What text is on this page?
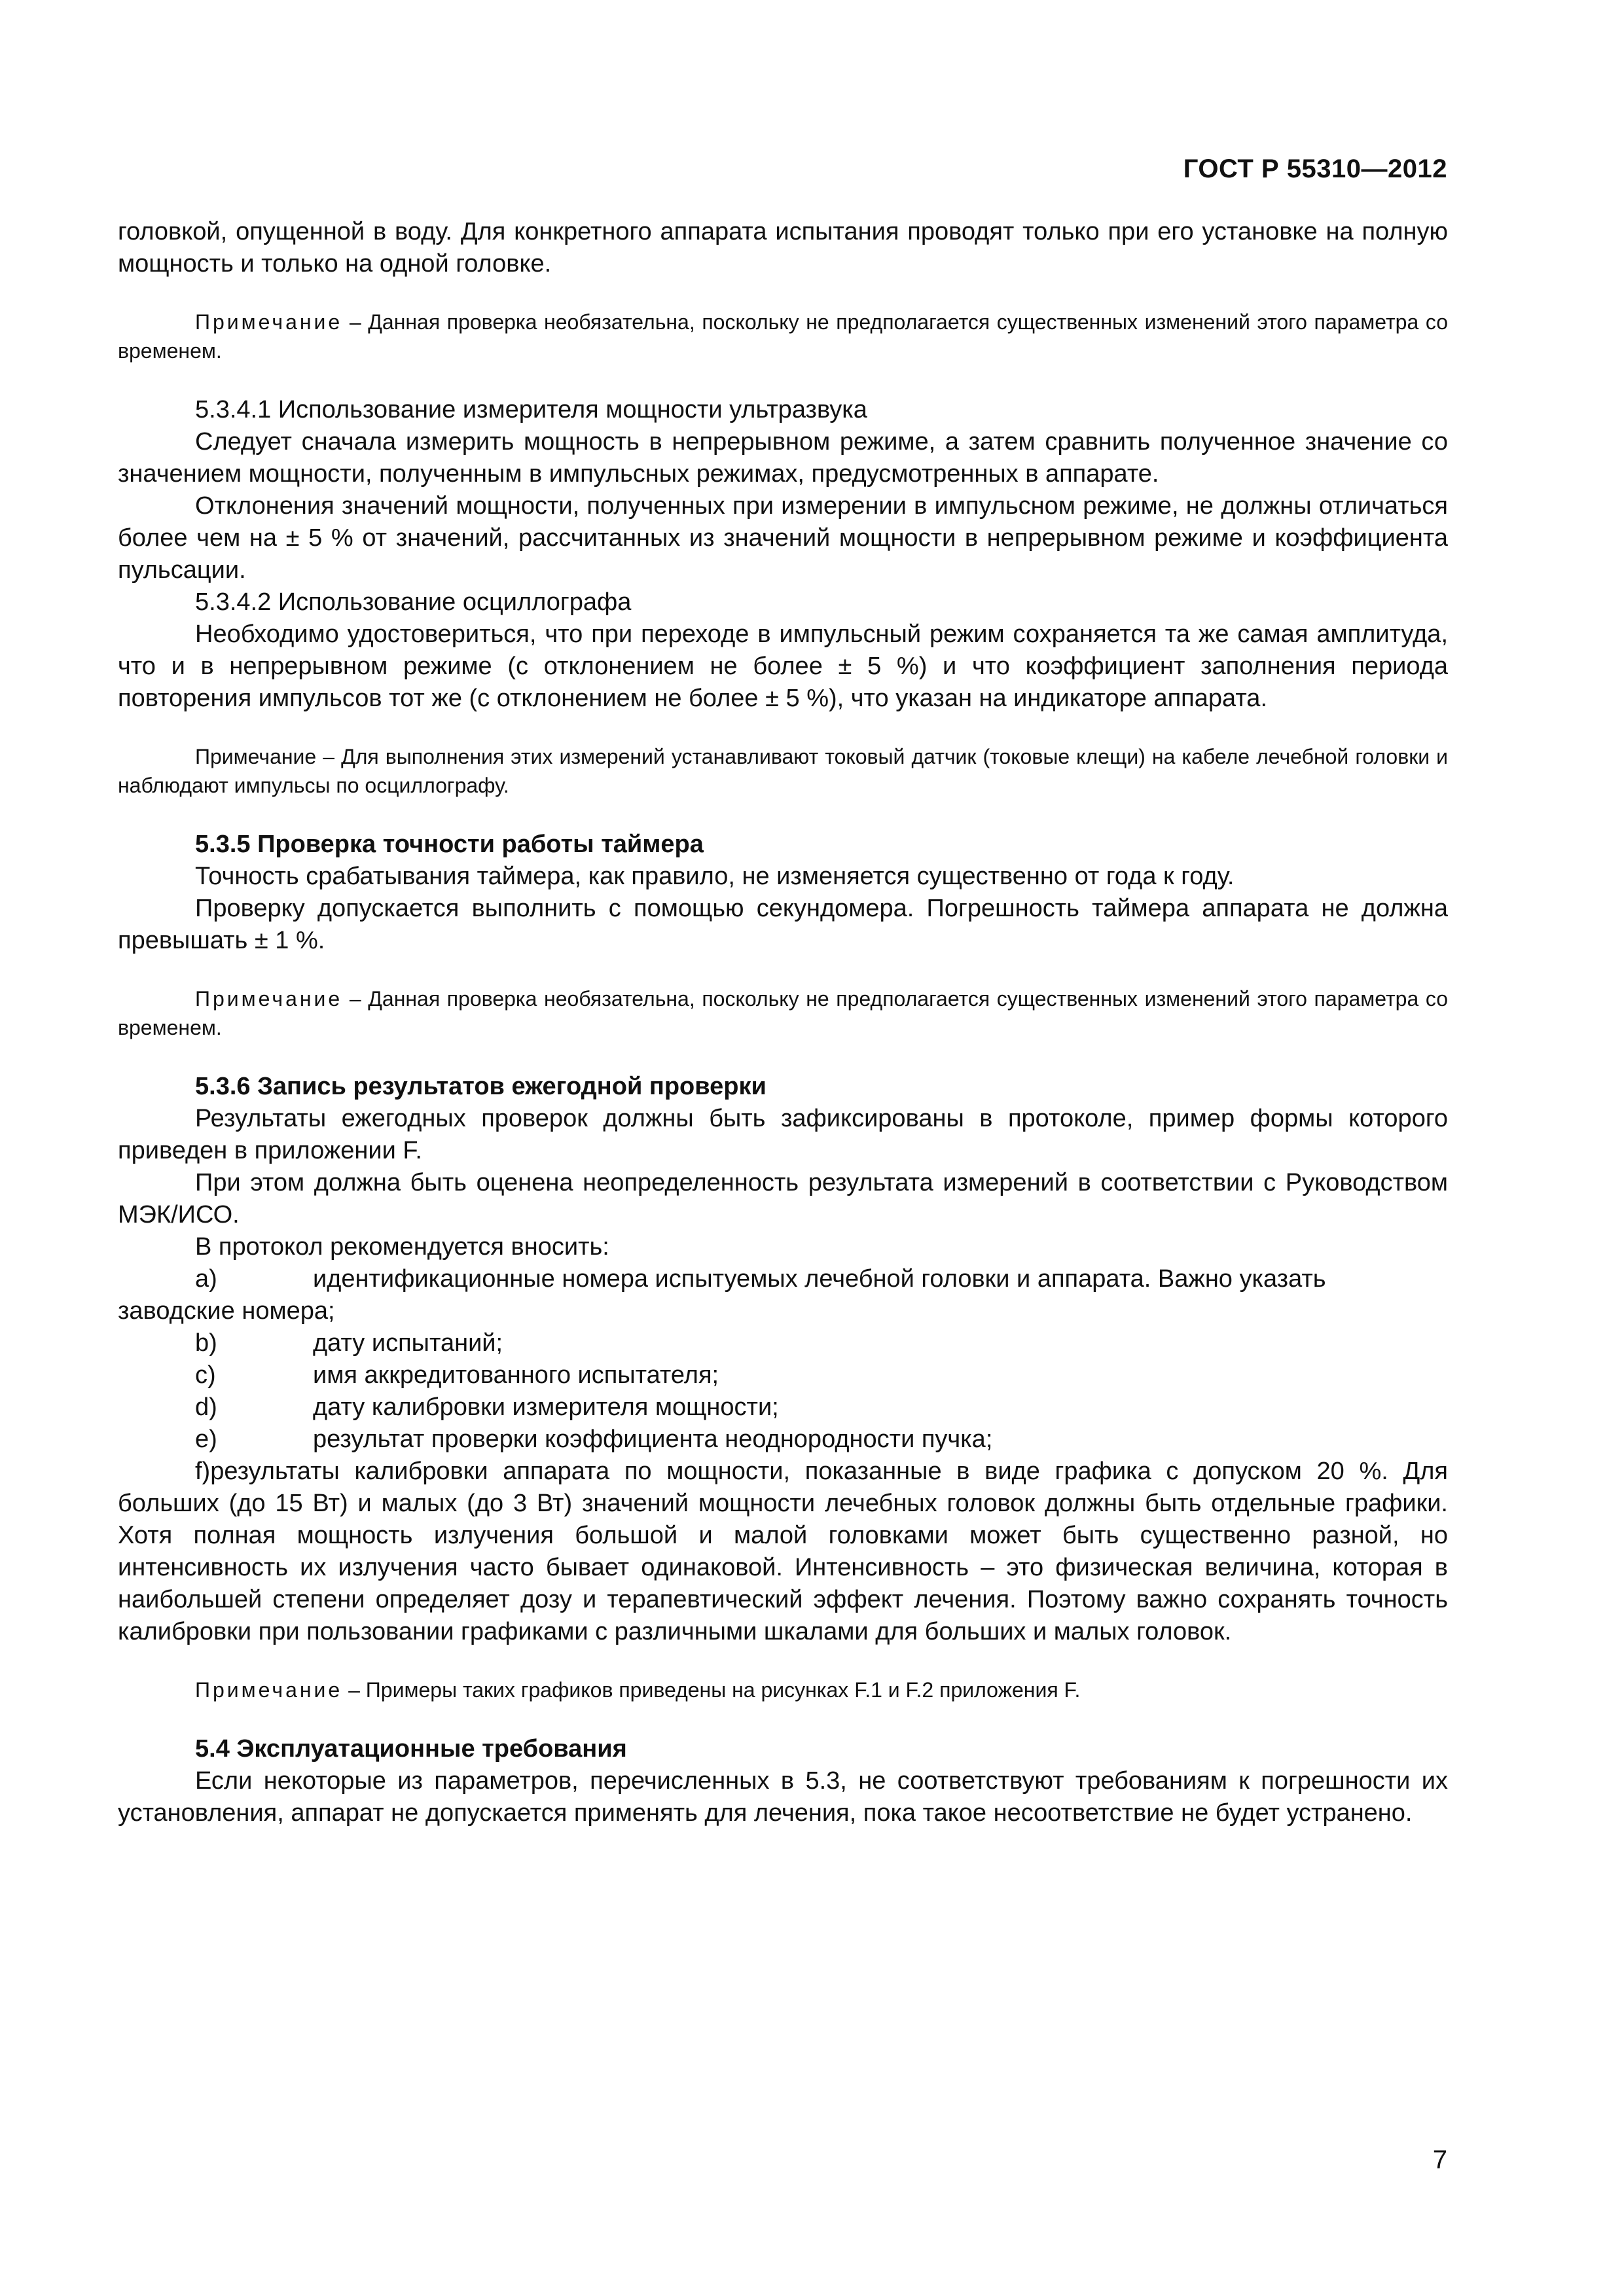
ГОСТ Р 55310—2012

головкой, опущенной в воду. Для конкретного аппарата испытания проводят только при его установке на полную мощность и только на одной головке.

Примечание – Данная проверка необязательна, поскольку не предполагается существенных изменений этого параметра со временем.

5.3.4.1 Использование измерителя мощности ультразвука

Следует сначала измерить мощность в непрерывном режиме, а затем сравнить полученное значение со значением мощности, полученным в импульсных режимах, предусмотренных в аппарате.

Отклонения значений мощности, полученных при измерении в импульсном режиме, не должны отличаться более чем на ± 5 % от значений, рассчитанных из значений мощности в непрерывном режиме и коэффициента пульсации.

5.3.4.2 Использование осциллографа

Необходимо удостовериться, что при переходе в импульсный режим сохраняется та же самая амплитуда, что и в непрерывном режиме (с отклонением не более ± 5 %) и что коэффициент заполнения периода повторения импульсов тот же (с отклонением не более ± 5 %), что указан на индикаторе аппарата.

Примечание – Для выполнения этих измерений устанавливают токовый датчик (токовые клещи) на кабеле лечебной головки и наблюдают импульсы по осциллографу.

5.3.5 Проверка точности работы таймера

Точность срабатывания таймера, как правило, не изменяется существенно от года к году.

Проверку допускается выполнить с помощью секундомера. Погрешность таймера аппарата не должна превышать ± 1 %.

Примечание – Данная проверка необязательна, поскольку не предполагается существенных изменений этого параметра со временем.

5.3.6 Запись результатов ежегодной проверки

Результаты ежегодных проверок должны быть зафиксированы в протоколе, пример формы которого приведен в приложении F.

При этом должна быть оценена неопределенность результата измерений в соответствии с Руководством МЭК/ИСО.

В протокол рекомендуется вносить:

a)	идентификационные номера испытуемых лечебной головки и аппарата. Важно указать

заводские номера;

b)	дату испытаний;
c)	имя аккредитованного испытателя;
d)	дату калибровки измерителя мощности;
e)	результат проверки коэффициента неоднородности пучка;

f)результаты калибровки аппарата по мощности, показанные в виде графика с допуском 20 %. Для больших (до 15 Вт) и малых (до 3 Вт) значений мощности лечебных головок должны быть отдельные графики. Хотя полная мощность излучения большой и малой головками может быть существенно разной, но интенсивность их излучения часто бывает одинаковой. Интенсивность – это физическая величина, которая в наибольшей степени определяет дозу и терапевтический эффект лечения. Поэтому важно сохранять точность калибровки при пользовании графиками с различными шкалами для больших и малых головок.

Примечание – Примеры таких графиков приведены на рисунках F.1 и F.2 приложения F.

5.4 Эксплуатационные требования

Если некоторые из параметров, перечисленных в 5.3, не соответствуют требованиям к погрешности их установления, аппарат не допускается применять для лечения, пока такое несоответствие не будет устранено.

7
